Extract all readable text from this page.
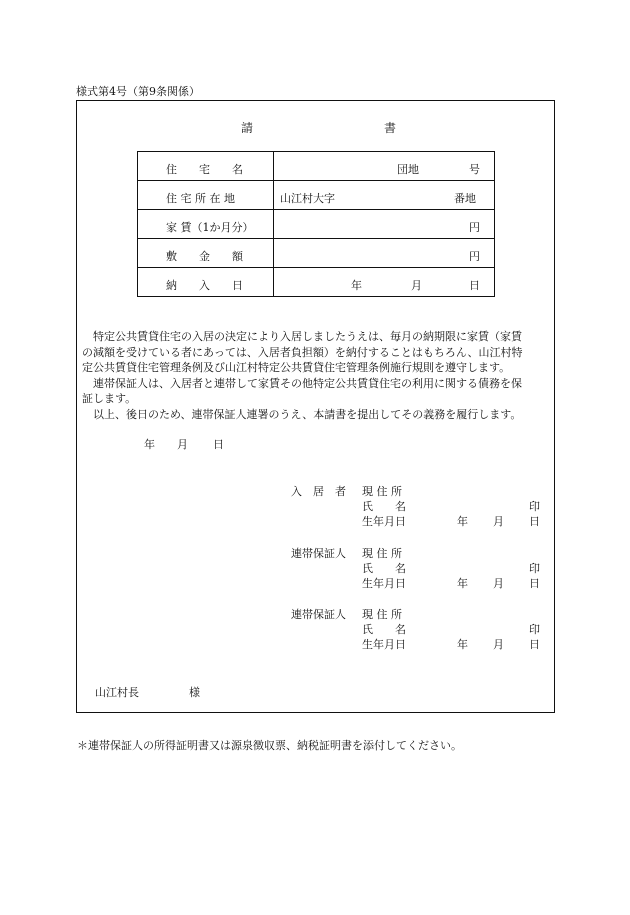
様式第4号（第9条関係）
請	書
住　　宅　　名	団地 号

住 宅 所 在 地	山江村大字 番地

家 賃（1か月分）	円

敷　　金　　額	円

納　　入　　日	年 月 日
　特定公共賃貸住宅の入居の決定により入居しましたうえは、毎月の納期限に家賃（家賃
の減額を受けている者にあっては、入居者負担額）を納付することはもちろん、山江村特
定公共賃貸住宅管理条例及び山江村特定公共賃貸住宅管理条例施行規則を遵守します。
　連帯保証人は、入居者と連帯して家賃その他特定公共賃貸住宅の利用に関する債務を保
証します。
　以上、後日のため、連帯保証人連署のうえ、本請書を提出してその義務を履行します。
年 月 日
入　居　者 現 住 所
氏　　名	印
生年月日	年 月 日
連帯保証人 現 住 所
氏　　名	印
生年月日	年 月 日
連帯保証人 現 住 所
氏　　名	印
生年月日	年 月 日
山江村長	様
＊連帯保証人の所得証明書又は源泉徴収票、納税証明書を添付してください。
